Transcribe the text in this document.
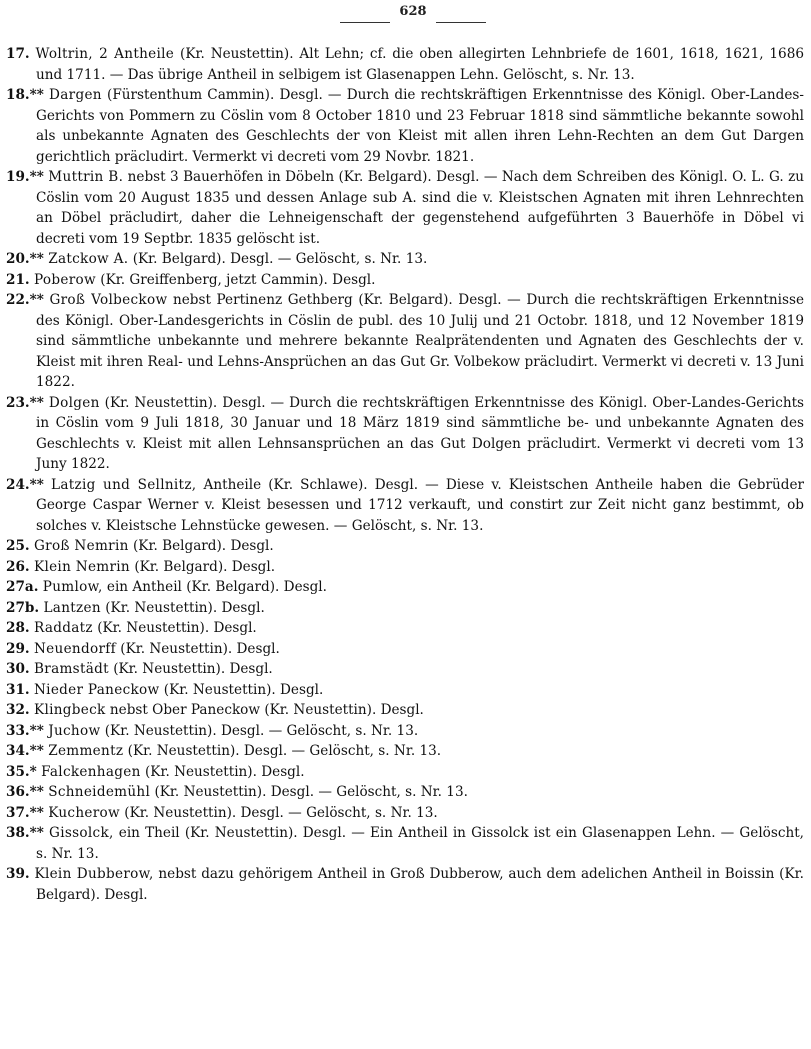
628

17. Woltrin, 2 Antheile (Kr. Neustettin). Alt Lehn; cf. die oben allegirten Lehnbriefe de 1601, 1618, 1621, 1686 und 1711. — Das übrige Antheil in selbigem ist Glasenappen Lehn. Gelöscht, s. Nr. 13.

18.** Dargen (Fürstenthum Cammin). Desgl. — Durch die rechtskräftigen Erkenntnisse des Königl. Ober-Landes-Gerichts von Pommern zu Cöslin vom 8 October 1810 und 23 Februar 1818 sind sämmtliche bekannte sowohl als unbekannte Agnaten des Geschlechts der von Kleist mit allen ihren Lehn-Rechten an dem Gut Dargen gerichtlich präcludirt. Vermerkt vi decreti vom 29 Novbr. 1821.

19.** Muttrin B. nebst 3 Bauerhöfen in Döbeln (Kr. Belgard). Desgl. — Nach dem Schreiben des Königl. O. L. G. zu Cöslin vom 20 August 1835 und dessen Anlage sub A. sind die v. Kleistschen Agnaten mit ihren Lehnrechten an Döbel präcludirt, daher die Lehneigenschaft der gegenstehend aufgeführten 3 Bauerhöfe in Döbel vi decreti vom 19 Septbr. 1835 gelöscht ist.

20.** Zatckow A. (Kr. Belgard). Desgl. — Gelöscht, s. Nr. 13.

21. Poberow (Kr. Greiffenberg, jetzt Cammin). Desgl.

22.** Groß Volbeckow nebst Pertinenz Gethberg (Kr. Belgard). Desgl. — Durch die rechtskräftigen Erkenntnisse des Königl. Ober-Landesgerichts in Cöslin de publ. des 10 Julij und 21 Octobr. 1818, und 12 November 1819 sind sämmtliche unbekannte und mehrere bekannte Realprätendenten und Agnaten des Geschlechts der v. Kleist mit ihren Real- und Lehns-Ansprüchen an das Gut Gr. Volbekow präcludirt. Vermerkt vi decreti v. 13 Juni 1822.

23.** Dolgen (Kr. Neustettin). Desgl. — Durch die rechtskräftigen Erkenntnisse des Königl. Ober-Landes-Gerichts in Cöslin vom 9 Juli 1818, 30 Januar und 18 März 1819 sind sämmtliche be- und unbekannte Agnaten des Geschlechts v. Kleist mit allen Lehnsansprüchen an das Gut Dolgen präcludirt. Vermerkt vi decreti vom 13 Juny 1822.

24.** Latzig und Sellnitz, Antheile (Kr. Schlawe). Desgl. — Diese v. Kleistschen Antheile haben die Gebrüder George Caspar Werner v. Kleist besessen und 1712 verkauft, und constirt zur Zeit nicht ganz bestimmt, ob solches v. Kleistsche Lehnstücke gewesen. — Gelöscht, s. Nr. 13.

25. Groß Nemrin (Kr. Belgard). Desgl.

26. Klein Nemrin (Kr. Belgard). Desgl.

27a. Pumlow, ein Antheil (Kr. Belgard). Desgl.

27b. Lantzen (Kr. Neustettin). Desgl.

28. Raddatz (Kr. Neustettin). Desgl.

29. Neuendorff (Kr. Neustettin). Desgl.

30. Bramstädt (Kr. Neustettin). Desgl.

31. Nieder Paneckow (Kr. Neustettin). Desgl.

32. Klingbeck nebst Ober Paneckow (Kr. Neustettin). Desgl.

33.** Juchow (Kr. Neustettin). Desgl. — Gelöscht, s. Nr. 13.

34.** Zemmentz (Kr. Neustettin). Desgl. — Gelöscht, s. Nr. 13.

35.* Falckenhagen (Kr. Neustettin). Desgl.

36.** Schneidemühl (Kr. Neustettin). Desgl. — Gelöscht, s. Nr. 13.

37.** Kucherow (Kr. Neustettin). Desgl. — Gelöscht, s. Nr. 13.

38.** Gissolck, ein Theil (Kr. Neustettin). Desgl. — Ein Antheil in Gissolck ist ein Glasenappen Lehn. — Gelöscht, s. Nr. 13.

39. Klein Dubberow, nebst dazu gehörigem Antheil in Groß Dubberow, auch dem adelichen Antheil in Boissin (Kr. Belgard). Desgl.
